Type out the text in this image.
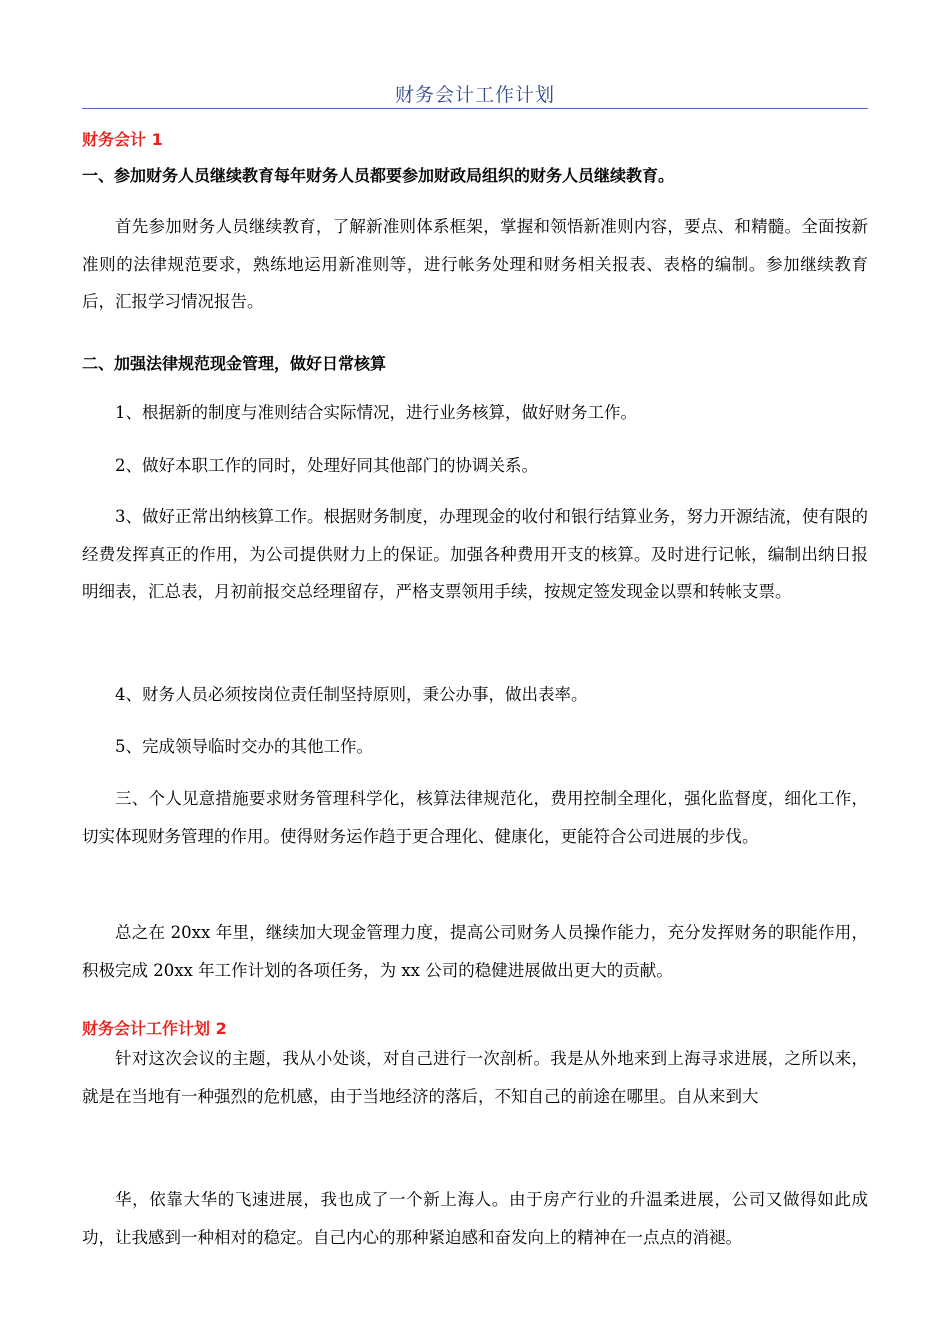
财务会计工作计划
财务会计 1
一、参加财务人员继续教育每年财务人员都要参加财政局组织的财务人员继续教育。

首先参加财务人员继续教育，了解新准则体系框架，掌握和领悟新准则内容，要点、和精髓。全面按新准则的法律规范要求，熟练地运用新准则等，进行帐务处理和财务相关报表、表格的编制。参加继续教育后，汇报学习情况报告。

二、加强法律规范现金管理，做好日常核算

1、根据新的制度与准则结合实际情况，进行业务核算，做好财务工作。

2、做好本职工作的同时，处理好同其他部门的协调关系。

3、做好正常出纳核算工作。根据财务制度，办理现金的收付和银行结算业务，努力开源结流，使有限的经费发挥真正的作用，为公司提供财力上的保证。加强各种费用开支的核算。及时进行记帐，编制出纳日报明细表，汇总表，月初前报交总经理留存，严格支票领用手续，按规定签发现金以票和转帐支票。

4、财务人员必须按岗位责任制坚持原则，秉公办事，做出表率。

5、完成领导临时交办的其他工作。

三、个人见意措施要求财务管理科学化，核算法律规范化，费用控制全理化，强化监督度，细化工作，切实体现财务管理的作用。使得财务运作趋于更合理化、健康化，更能符合公司进展的步伐。

总之在 20xx 年里，继续加大现金管理力度，提高公司财务人员操作能力，充分发挥财务的职能作用，积极完成 20xx 年工作计划的各项任务，为 xx 公司的稳健进展做出更大的贡献。

财务会计工作计划 2

针对这次会议的主题，我从小处谈，对自己进行一次剖析。我是从外地来到上海寻求进展，之所以来，就是在当地有一种强烈的危机感，由于当地经济的落后，不知自己的前途在哪里。自从来到大

华，依靠大华的飞速进展，我也成了一个新上海人。由于房产行业的升温柔进展，公司又做得如此成功，让我感到一种相对的稳定。自己内心的那种紧迫感和奋发向上的精神在一点点的消褪。
